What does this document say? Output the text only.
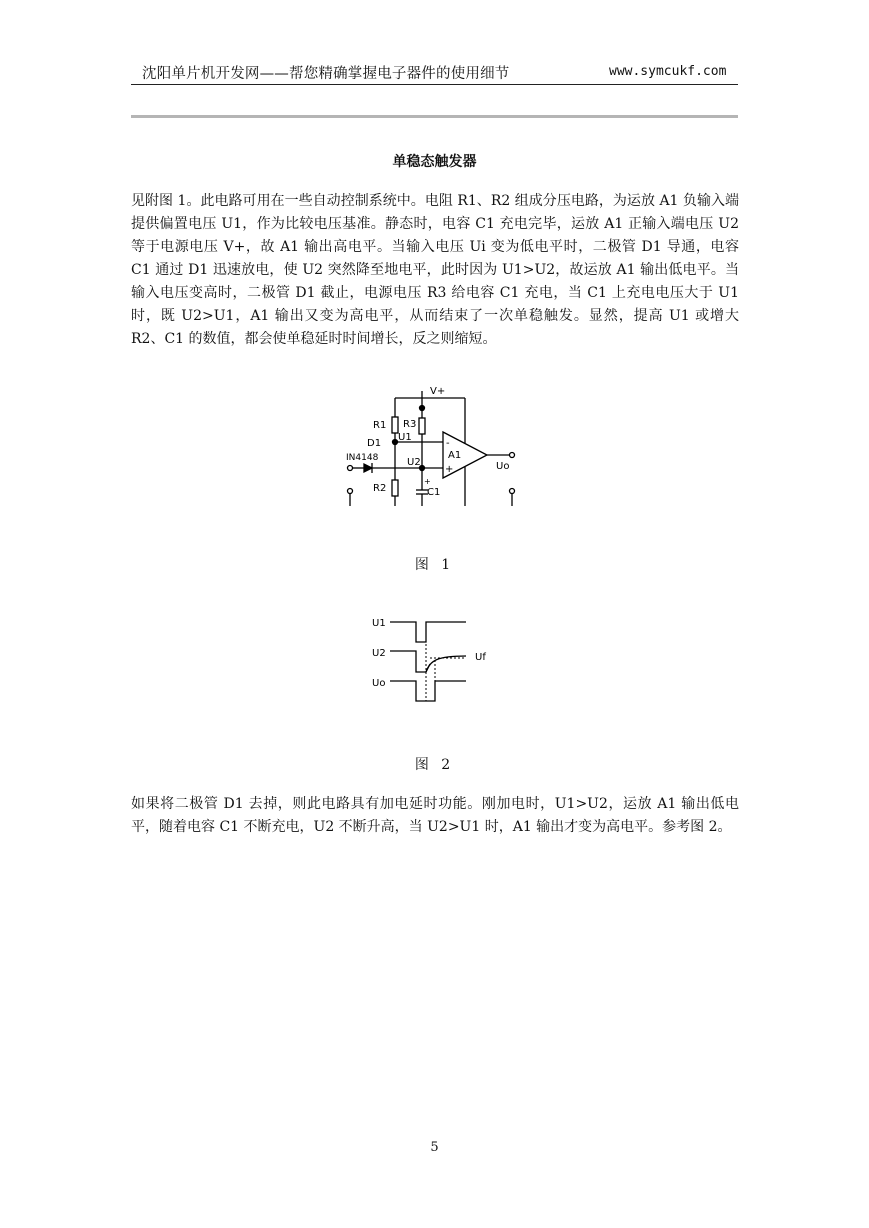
沈阳单片机开发网——帮您精确掌握电子器件的使用细节	www.symcukf.com
单稳态触发器

见附图 1。此电路可用在一些自动控制系统中。电阻 R1、R2 组成分压电路，为运放 A1 负输入端提供偏置电压 U1，作为比较电压基准。静态时，电容 C1 充电完毕，运放 A1 正输入端电压 U2 等于电源电压 V+，故 A1 输出高电平。当输入电压 Ui 变为低电平时，二极管 D1 导通，电容 C1 通过 D1 迅速放电，使 U2 突然降至地电平，此时因为 U1>U2，故运放 A1 输出低电平。当输入电压变高时，二极管 D1 截止，电源电压 R3 给电容 C1 充电，当 C1 上充电电压大于 U1 时，既 U2>U1，A1 输出又变为高电平，从而结束了一次单稳触发。显然，提高 U1 或增大 R2、C1 的数值，都会使单稳延时时间增长，反之则缩短。

V+
R1 R3
D1
U1
IN4148	U2
R2	C1
A1
-
+
+
Uo
图 1
U1
U2	Uf
Uo
图 2

如果将二极管 D1 去掉，则此电路具有加电延时功能。刚加电时，U1>U2，运放 A1 输出低电平，随着电容 C1 不断充电，U2 不断升高，当 U2>U1 时，A1 输出才变为高电平。参考图 2。

5
